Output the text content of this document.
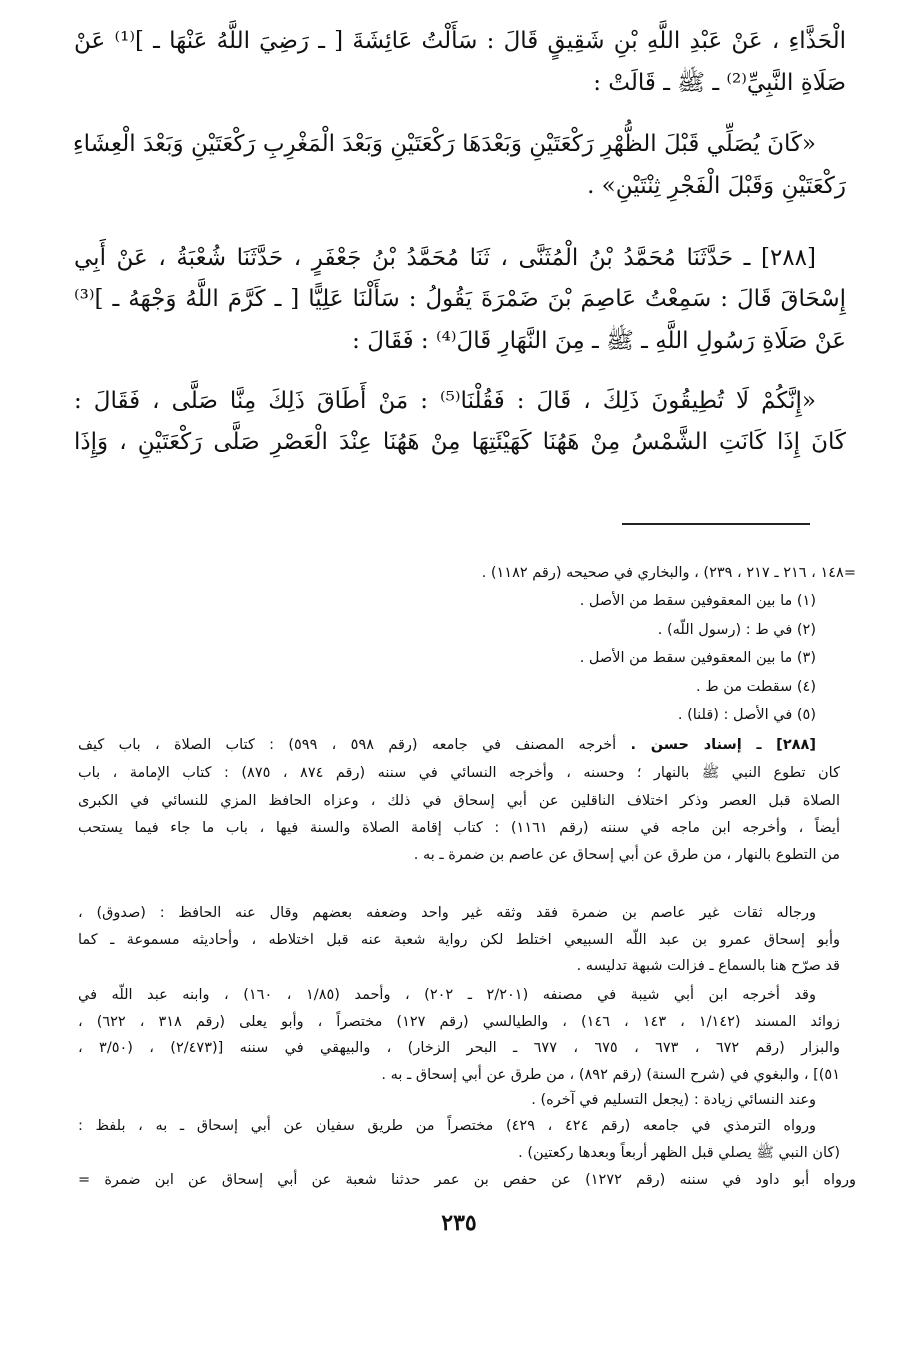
الْحَذَّاءِ ، عَنْ عَبْدِ اللَّهِ بْنِ شَقِيقٍ قَالَ : سَأَلْتُ عَائِشَةَ [ ـ رَضِيَ اللَّهُ عَنْهَا ـ ]⁽¹⁾ عَنْ
صَلَاةِ النَّبِيِّ⁽²⁾ ـ ﷺ ـ قَالَتْ :
«كَانَ يُصَلِّي قَبْلَ الظُّهْرِ رَكْعَتَيْنِ وَبَعْدَهَا رَكْعَتَيْنِ وَبَعْدَ الْمَغْرِبِ رَكْعَتَيْنِ وَبَعْدَ الْعِشَاءِ
رَكْعَتَيْنِ وَقَبْلَ الْفَجْرِ ثِنْتَيْنِ» .
[٢٨٨] ـ حَدَّثَنَا مُحَمَّدُ بْنُ الْمُثَنَّى ، ثَنَا مُحَمَّدُ بْنُ جَعْفَرٍ ، حَدَّثَنَا شُعْبَةُ ، عَنْ أَبِي
إِسْحَاقَ قَالَ : سَمِعْتُ عَاصِمَ بْنَ ضَمْرَةَ يَقُولُ : سَأَلْنَا عَلِيًّا [ ـ كَرَّمَ اللَّهُ وَجْهَهُ ـ ]⁽³⁾
عَنْ صَلَاةِ رَسُولِ اللَّهِ ـ ﷺ ـ مِنَ النَّهَارِ قَالَ⁽⁴⁾ : فَقَالَ :
«إِنَّكُمْ لَا تُطِيقُونَ ذَلِكَ ، قَالَ : فَقُلْنَا⁽⁵⁾ : مَنْ أَطَاقَ ذَلِكَ مِنَّا صَلَّى ، فَقَالَ :
كَانَ إِذَا كَانَتِ الشَّمْسُ مِنْ هَهُنَا كَهَيْئَتِهَا مِنْ هَهُنَا عِنْدَ الْعَصْرِ صَلَّى رَكْعَتَيْنِ ، وَإِذَا
=١٤٨ ، ٢١٦ ـ ٢١٧ ، ٢٣٩) ، والبخاري في صحيحه (رقم ١١٨٢) .
(١) ما بين المعقوفين سقط من الأصل .
(٢) في ط : (رسول اللّه) .
(٣) ما بين المعقوفين سقط من الأصل .
(٤) سقطت من ط .
(٥) في الأصل : (قلنا) .
[٢٨٨] ـ إسناد حسن . أخرجه المصنف في جامعه (رقم ٥٩٨ ، ٥٩٩) : كتاب الصلاة ، باب كيف
كان تطوع النبي ﷺ بالنهار ؛ وحسنه ، وأخرجه النسائي في سننه (رقم ٨٧٤ ، ٨٧٥) : كتاب الإمامة ، باب
الصلاة قبل العصر وذكر اختلاف الناقلين عن أبي إسحاق في ذلك ، وعزاه الحافظ المزي للنسائي في الكبرى
أيضاً ، وأخرجه ابن ماجه في سننه (رقم ١١٦١) : كتاب إقامة الصلاة والسنة فيها ، باب ما جاء فيما يستحب
من التطوع بالنهار ، من طرق عن أبي إسحاق عن عاصم بن ضمرة ـ به .
ورجاله ثقات غير عاصم بن ضمرة فقد وثقه غير واحد وضعفه بعضهم وقال عنه الحافظ : (صدوق) ،
وأبو إسحاق عمرو بن عبد اللّه السبيعي اختلط لكن رواية شعبة عنه قبل اختلاطه ، وأحاديثه مسموعة ـ كما
قد صرّح هنا بالسماع ـ فزالت شبهة تدليسه .
وقد أخرجه ابن أبي شيبة في مصنفه (٢/٢٠١ ـ ٢٠٢) ، وأحمد (١/٨٥ ، ١٦٠) ، وابنه عبد اللّه في
زوائد المسند (١/١٤٢ ، ١٤٣ ، ١٤٦) ، والطيالسي (رقم ١٢٧) مختصراً ، وأبو يعلى (رقم ٣١٨ ، ٦٢٢) ،
والبزار (رقم ٦٧٢ ، ٦٧٣ ، ٦٧٥ ، ٦٧٧ ـ البحر الزخار) ، والبيهقي في سننه [(٢/٤٧٣) ، (٣/٥٠ ،
٥١)] ، والبغوي في (شرح السنة) (رقم ٨٩٢) ، من طرق عن أبي إسحاق ـ به .
وعند النسائي زيادة : (يجعل التسليم في آخره) .
ورواه الترمذي في جامعه (رقم ٤٢٤ ، ٤٢٩) مختصراً من طريق سفيان عن أبي إسحاق ـ به ، بلفظ :
(كان النبي ﷺ يصلي قبل الظهر أربعاً وبعدها ركعتين) .
ورواه أبو داود في سننه (رقم ١٢٧٢) عن حفص بن عمر حدثنا شعبة عن أبي إسحاق عن ابن ضمرة =
٢٣٥
